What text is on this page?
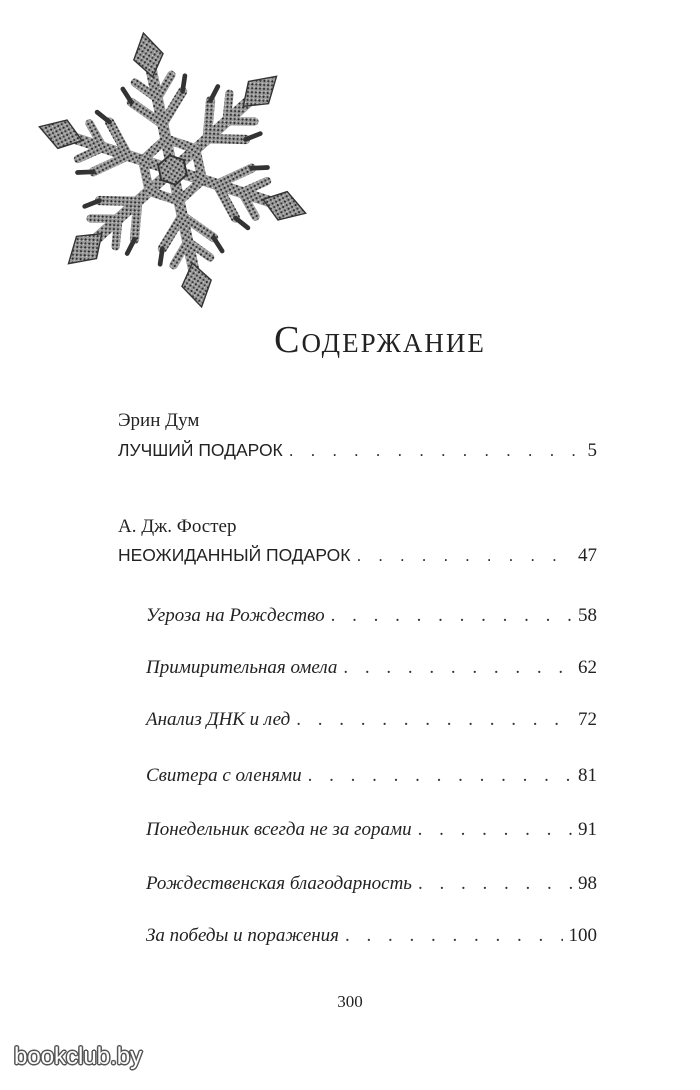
Содержание
Эрин Дум
ЛУЧШИЙ ПОДАРОК . . .	5
А. Дж. Фостер
НЕОЖИДАННЫЙ ПОДАРОК . . .	47
Угроза на Рождество . . .	58
Примирительная омела . . .	62
Анализ ДНК и лед . . .	72
Свитера с оленями . . .	81
Понедельник всегда не за горами . . .	91
Рождественская благодарность . . .	98
За победы и поражения . . .	100
300
bookclub.by
